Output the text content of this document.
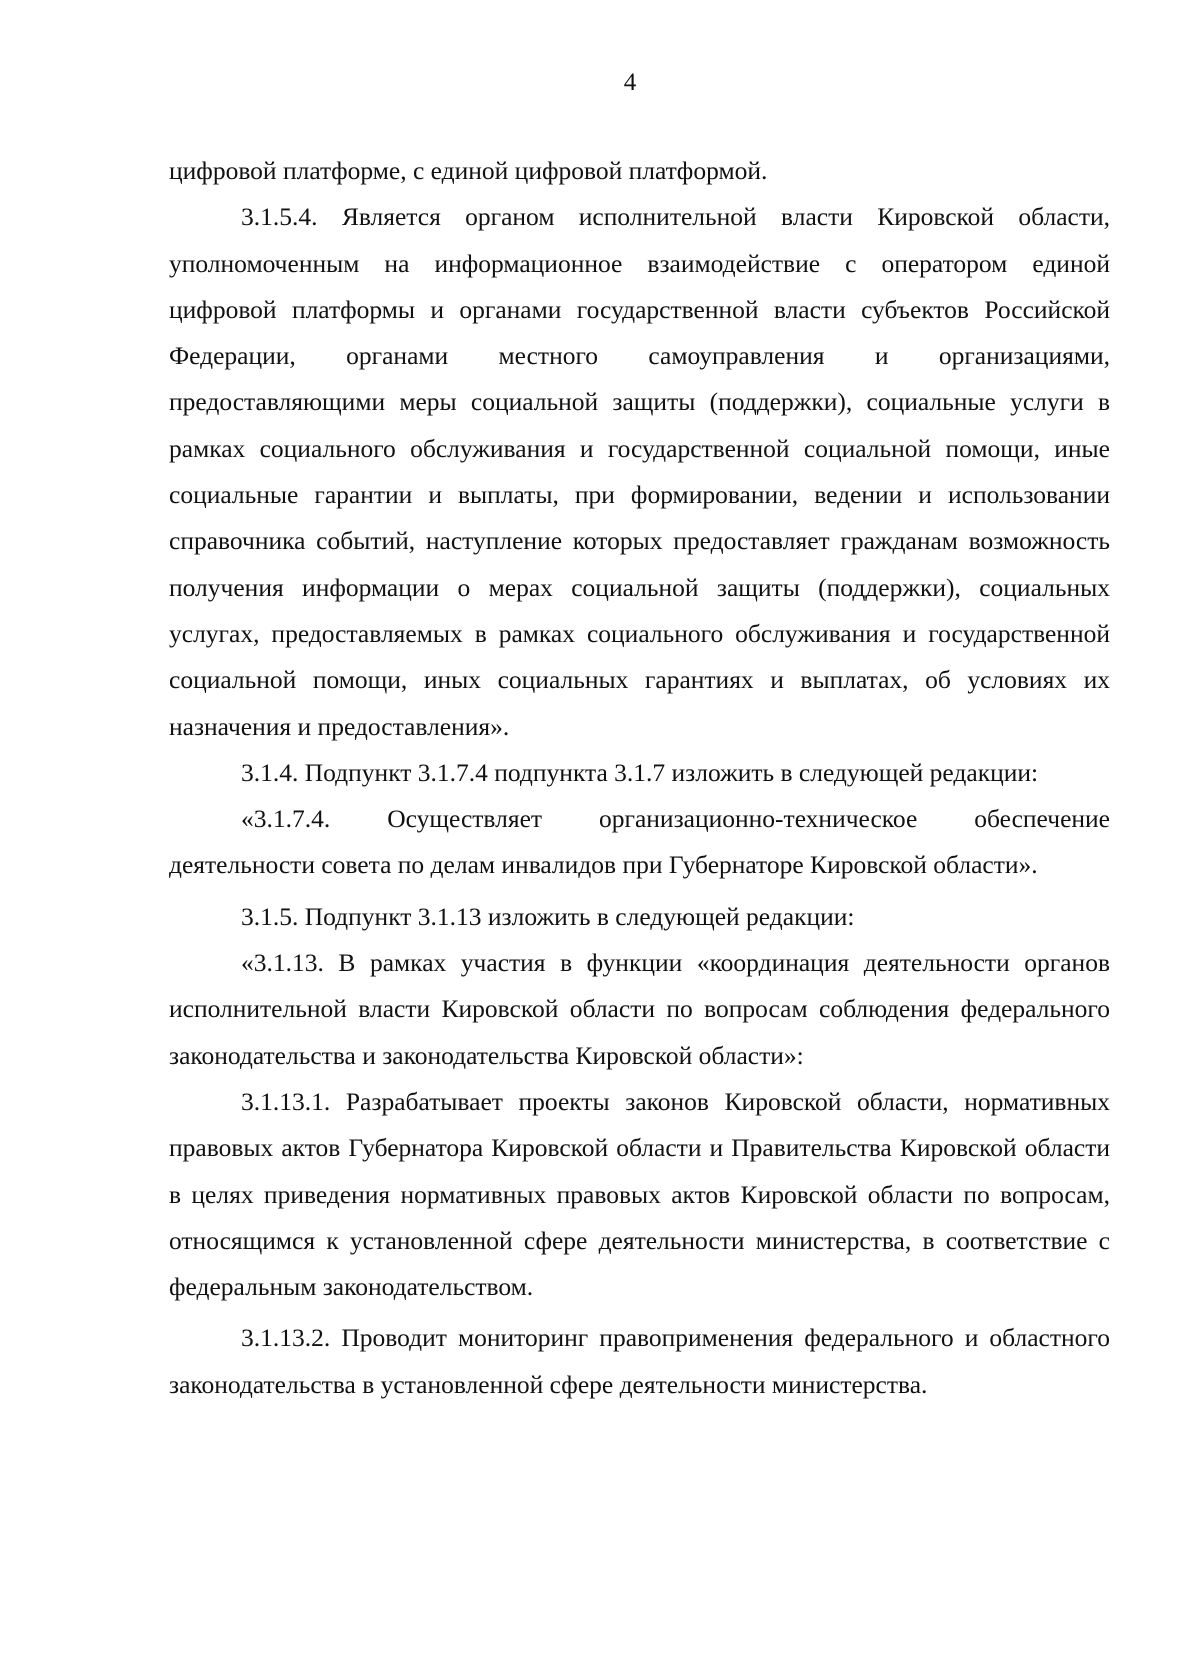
4

цифровой платформе, с единой цифровой платформой.

3.1.5.4. Является органом исполнительной власти Кировской области, уполномоченным на информационное взаимодействие с оператором единой цифровой платформы и органами государственной власти субъектов Российской Федерации, органами местного самоуправления и организациями, предоставляющими меры социальной защиты (поддержки), социальные услуги в рамках социального обслуживания и государственной социальной помощи, иные социальные гарантии и выплаты, при формировании, ведении и использовании справочника событий, наступление которых предоставляет гражданам возможность получения информации о мерах социальной защиты (поддержки), социальных услугах, предоставляемых в рамках социального обслуживания и государственной социальной помощи, иных социальных гарантиях и выплатах, об условиях их назначения и предоставления».

3.1.4. Подпункт 3.1.7.4 подпункта 3.1.7 изложить в следующей редакции:

«3.1.7.4. Осуществляет организационно-техническое обеспечение деятельности совета по делам инвалидов при Губернаторе Кировской области».

3.1.5. Подпункт 3.1.13 изложить в следующей редакции:

«3.1.13. В рамках участия в функции «координация деятельности органов исполнительной власти Кировской области по вопросам соблюдения федерального законодательства и законодательства Кировской области»:

3.1.13.1. Разрабатывает проекты законов Кировской области, нормативных правовых актов Губернатора Кировской области и Правительства Кировской области в целях приведения нормативных правовых актов Кировской области по вопросам, относящимся к установленной сфере деятельности министерства, в соответствие с федеральным законодательством.

3.1.13.2. Проводит мониторинг правоприменения федерального и областного законодательства в установленной сфере деятельности министерства.
